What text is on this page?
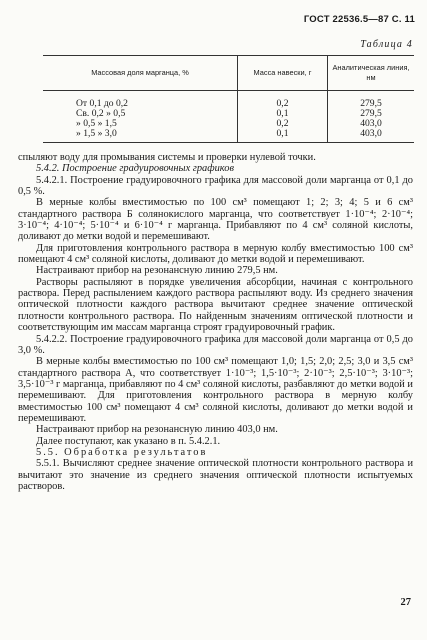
ГОСТ 22536.5—87 С. 11
Таблица 4
Массовая доля марганца, %	Масса навески, г	Аналитическая линия, нм
От 0,1 до 0,2	0,2	279,5
Св. 0,2 » 0,5	0,1	279,5
» 0,5 » 1,5	0,2	403,0
» 1,5 » 3,0	0,1	403,0

спыляют воду для промывания системы и проверки нулевой точки.

5.4.2. Построение градуировочных графиков

5.4.2.1. Построение градуировочного графика для массовой доли марганца от 0,1 до 0,5 %.

В мерные колбы вместимостью по 100 см³ помещают 1; 2; 3; 4; 5 и 6 см³ стандартного раствора Б солянокислого марганца, что соответствует 1·10⁻⁴; 2·10⁻⁴; 3·10⁻⁴; 4·10⁻⁴; 5·10⁻⁴ и 6·10⁻⁴ г марганца. Прибавляют по 4 см³ соляной кислоты, доливают до метки водой и перемешивают.

Для приготовления контрольного раствора в мерную колбу вместимостью 100 см³ помещают 4 см³ соляной кислоты, доливают до метки водой и перемешивают.

Настраивают прибор на резонансную линию 279,5 нм.

Растворы распыляют в порядке увеличения абсорбции, начиная с контрольного раствора. Перед распылением каждого раствора распыляют воду. Из среднего значения оптической плотности каждого раствора вычитают среднее значение оптической плотности контрольного раствора. По найденным значениям оптической плотности и соответствующим им массам марганца строят градуировочный график.

5.4.2.2. Построение градуировочного графика для массовой доли марганца от 0,5 до 3,0 %.

В мерные колбы вместимостью по 100 см³ помещают 1,0; 1,5; 2,0; 2,5; 3,0 и 3,5 см³ стандартного раствора А, что соответствует 1·10⁻³; 1,5·10⁻³; 2·10⁻³; 2,5·10⁻³; 3·10⁻³; 3,5·10⁻³ г марганца, прибавляют по 4 см³ соляной кислоты, разбавляют до метки водой и перемешивают. Для приготовления контрольного раствора в мерную колбу вместимостью 100 см³ помещают 4 см³ соляной кислоты, доливают до метки водой и перемешивают.

Настраивают прибор на резонансную линию 403,0 нм.

Далее поступают, как указано в п. 5.4.2.1.

5.5. Обработка результатов

5.5.1. Вычисляют среднее значение оптической плотности контрольного раствора и вычитают это значение из среднего значения оптической плотности испытуемых растворов.

27
